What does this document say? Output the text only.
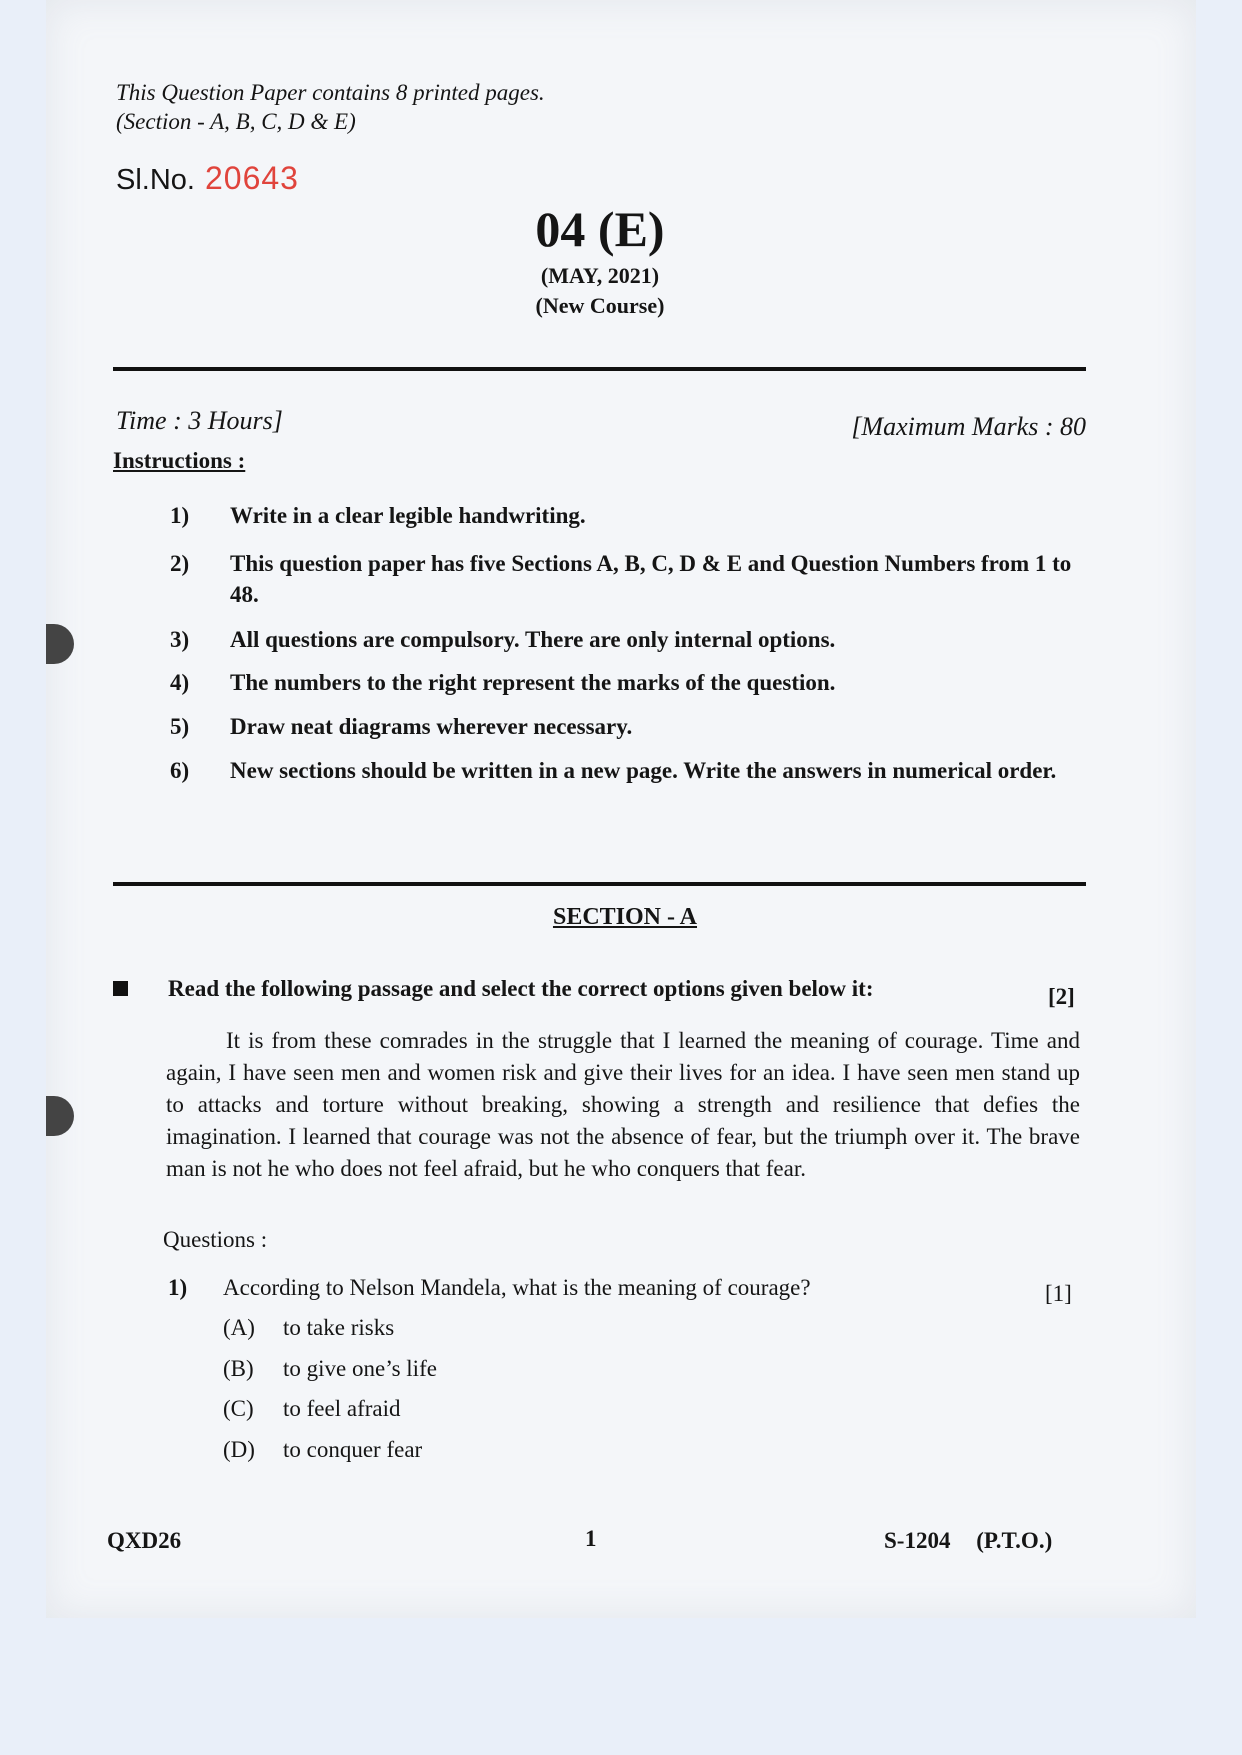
This Question Paper contains 8 printed pages.
(Section - A, B, C, D & E)
Sl.No. 20643
04 (E)
(MAY, 2021)
(New Course)
Time : 3 Hours]	[Maximum Marks : 80
Instructions :
1)	Write in a clear legible handwriting.
2)	This question paper has five Sections A, B, C, D & E and Question Numbers from 1 to 48.
3)	All questions are compulsory. There are only internal options.
4)	The numbers to the right represent the marks of the question.
5)	Draw neat diagrams wherever necessary.
6)	New sections should be written in a new page. Write the answers in numerical order.
SECTION - A
Read the following passage and select the correct options given below it:	[2]
It is from these comrades in the struggle that I learned the meaning of courage. Time and again, I have seen men and women risk and give their lives for an idea. I have seen men stand up to attacks and torture without breaking, showing a strength and resilience that defies the imagination. I learned that courage was not the absence of fear, but the triumph over it. The brave man is not he who does not feel afraid, but he who conquers that fear.
Questions :
1) According to Nelson Mandela, what is the meaning of courage?	[1]
(A) to take risks
(B) to give one’s life
(C) to feel afraid
(D) to conquer fear
QXD26	1	S-1204 (P.T.O.)
